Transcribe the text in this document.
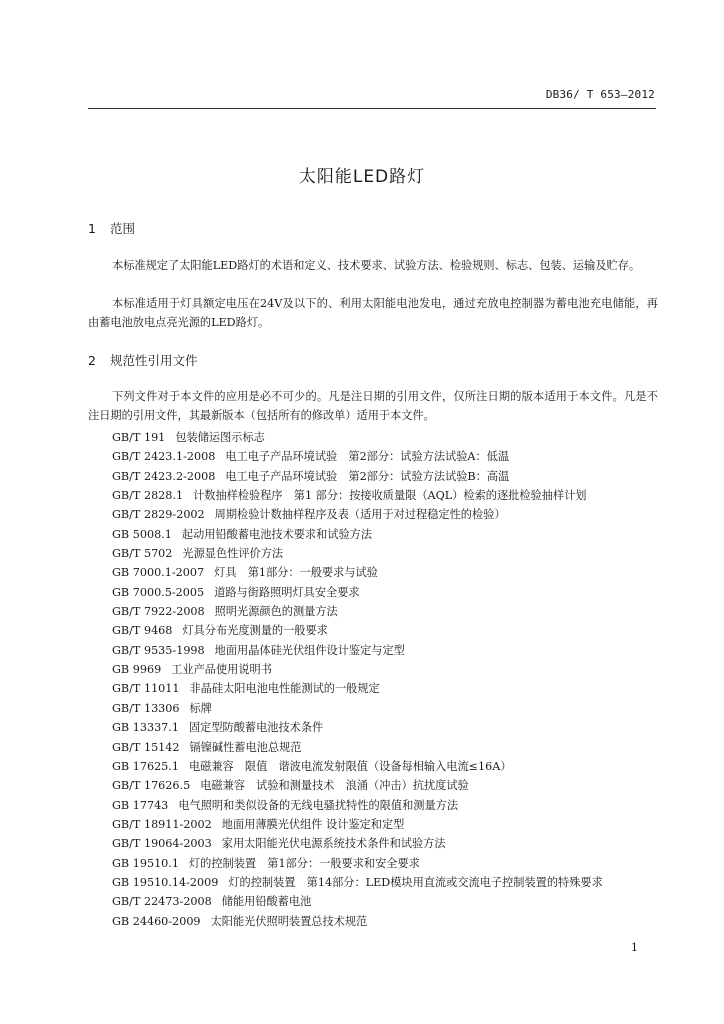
DB36/ T 653—2012
太阳能LED路灯
1 范围

本标准规定了太阳能LED路灯的术语和定义、技术要求、试验方法、检验规则、标志、包装、运输及贮存。

本标准适用于灯具额定电压在24V及以下的、利用太阳能电池发电，通过充放电控制器为蓄电池充电储能，再由蓄电池放电点亮光源的LED路灯。

2 规范性引用文件

下列文件对于本文件的应用是必不可少的。凡是注日期的引用文件，仅所注日期的版本适用于本文件。凡是不注日期的引用文件，其最新版本（包括所有的修改单）适用于本文件。

GB/T 191 包装储运图示标志
GB/T 2423.1-2008 电工电子产品环境试验　第2部分：试验方法试验A：低温
GB/T 2423.2-2008 电工电子产品环境试验　第2部分：试验方法试验B：高温
GB/T 2828.1 计数抽样检验程序　第1 部分：按接收质量限（AQL）检索的逐批检验抽样计划
GB/T 2829-2002 周期检验计数抽样程序及表（适用于对过程稳定性的检验）
GB 5008.1 起动用铅酸蓄电池技术要求和试验方法
GB/T 5702 光源显色性评价方法
GB 7000.1-2007 灯具　第1部分：一般要求与试验
GB 7000.5-2005 道路与街路照明灯具安全要求
GB/T 7922-2008 照明光源颜色的测量方法
GB/T 9468 灯具分布光度测量的一般要求
GB/T 9535-1998 地面用晶体硅光伏组件设计鉴定与定型
GB 9969 工业产品使用说明书
GB/T 11011 非晶硅太阳电池电性能测试的一般规定
GB/T 13306 标牌
GB 13337.1 固定型防酸蓄电池技术条件
GB/T 15142 镉镍碱性蓄电池总规范
GB 17625.1 电磁兼容　限值　谐波电流发射限值（设备每相输入电流≤16A）
GB/T 17626.5 电磁兼容　试验和测量技术　浪涌（冲击）抗扰度试验
GB 17743 电气照明和类似设备的无线电骚扰特性的限值和测量方法
GB/T 18911-2002 地面用薄膜光伏组件 设计鉴定和定型
GB/T 19064-2003 家用太阳能光伏电源系统技术条件和试验方法
GB 19510.1 灯的控制装置　第1部分：一般要求和安全要求
GB 19510.14-2009 灯的控制装置　第14部分：LED模块用直流或交流电子控制装置的特殊要求
GB/T 22473-2008 储能用铅酸蓄电池
GB 24460-2009 太阳能光伏照明装置总技术规范
1
